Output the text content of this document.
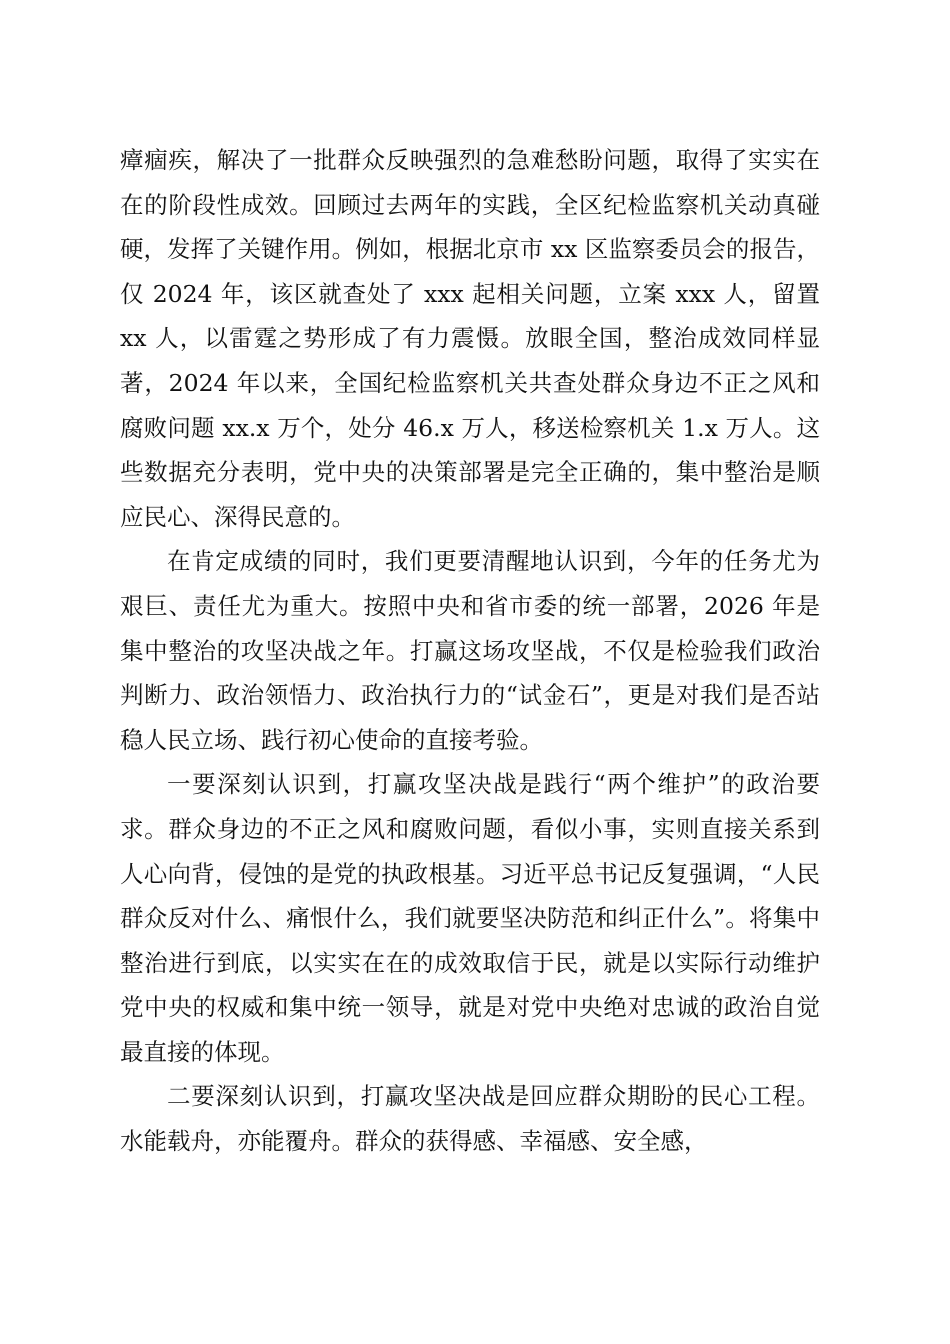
瘴痼疾，解决了一批群众反映强烈的急难愁盼问题，取得了实实在在的阶段性成效。回顾过去两年的实践，全区纪检监察机关动真碰硬，发挥了关键作用。例如，根据北京市 xx 区监察委员会的报告，仅 2024 年，该区就查处了 xxx 起相关问题，立案 xxx 人，留置 xx 人，以雷霆之势形成了有力震慑。放眼全国，整治成效同样显著，2024 年以来，全国纪检监察机关共查处群众身边不正之风和腐败问题 xx.x 万个，处分 46.x 万人，移送检察机关 1.x 万人。这些数据充分表明，党中央的决策部署是完全正确的，集中整治是顺应民心、深得民意的。

在肯定成绩的同时，我们更要清醒地认识到，今年的任务尤为艰巨、责任尤为重大。按照中央和省市委的统一部署，2026 年是集中整治的攻坚决战之年。打赢这场攻坚战，不仅是检验我们政治判断力、政治领悟力、政治执行力的“试金石”，更是对我们是否站稳人民立场、践行初心使命的直接考验。

一要深刻认识到，打赢攻坚决战是践行“两个维护”的政治要求。群众身边的不正之风和腐败问题，看似小事，实则直接关系到人心向背，侵蚀的是党的执政根基。习近平总书记反复强调，“人民群众反对什么、痛恨什么，我们就要坚决防范和纠正什么”。将集中整治进行到底，以实实在在的成效取信于民，就是以实际行动维护党中央的权威和集中统一领导，就是对党中央绝对忠诚的政治自觉最直接的体现。

二要深刻认识到，打赢攻坚决战是回应群众期盼的民心工程。水能载舟，亦能覆舟。群众的获得感、幸福感、安全感，
